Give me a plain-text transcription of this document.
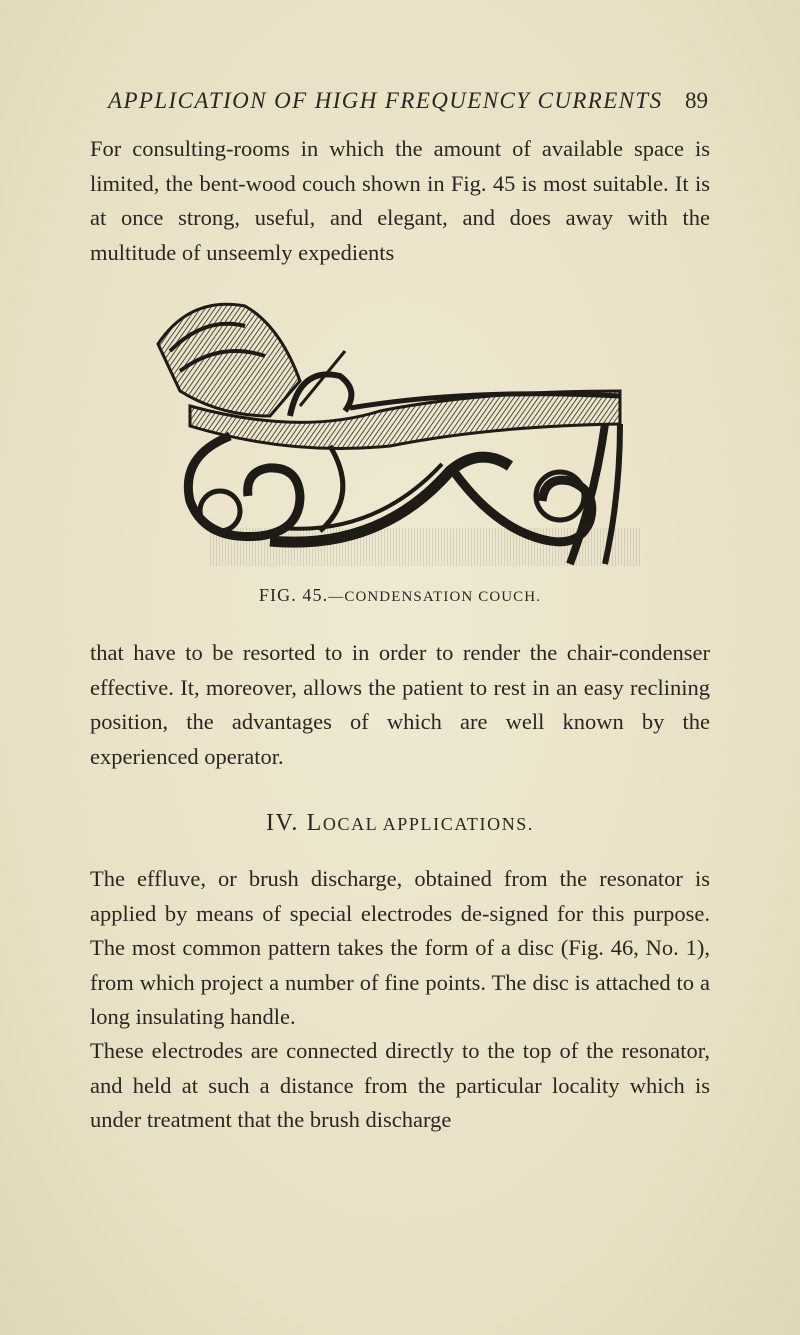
APPLICATION OF HIGH FREQUENCY CURRENTS 89
For consulting-rooms in which the amount of available space is limited, the bent-wood couch shown in Fig. 45 is most suitable. It is at once strong, useful, and elegant, and does away with the multitude of unseemly expedients
FIG. 45.—CONDENSATION COUCH.
that have to be resorted to in order to render the chair-condenser effective. It, moreover, allows the patient to rest in an easy reclining position, the advantages of which are well known by the experienced operator.
IV. LOCAL APPLICATIONS.
The effluve, or brush discharge, obtained from the resonator is applied by means of special electrodes de-signed for this purpose. The most common pattern takes the form of a disc (Fig. 46, No. 1), from which project a number of fine points. The disc is attached to a long insulating handle.
These electrodes are connected directly to the top of the resonator, and held at such a distance from the particular locality which is under treatment that the brush discharge
